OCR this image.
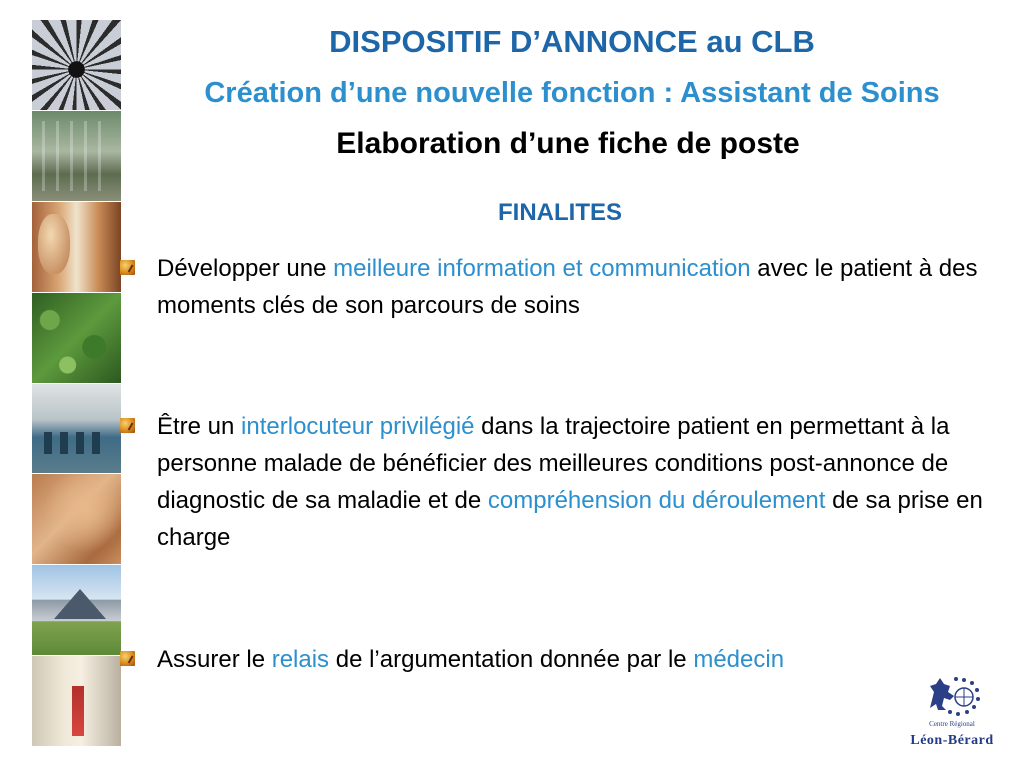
DISPOSITIF D’ANNONCE au CLB
Création d’une nouvelle fonction : Assistant de Soins
Elaboration d’une fiche de poste
FINALITES
Développer une meilleure information et communication avec le patient à des moments clés de son parcours de soins
Être un interlocuteur privilégié dans la trajectoire patient en permettant à la personne malade de bénéficier des meilleures conditions post-annonce de diagnostic de sa maladie et de compréhension du déroulement de sa prise en charge
Assurer le relais de l’argumentation donnée par le médecin
Centre Régional
Léon-Bérard
